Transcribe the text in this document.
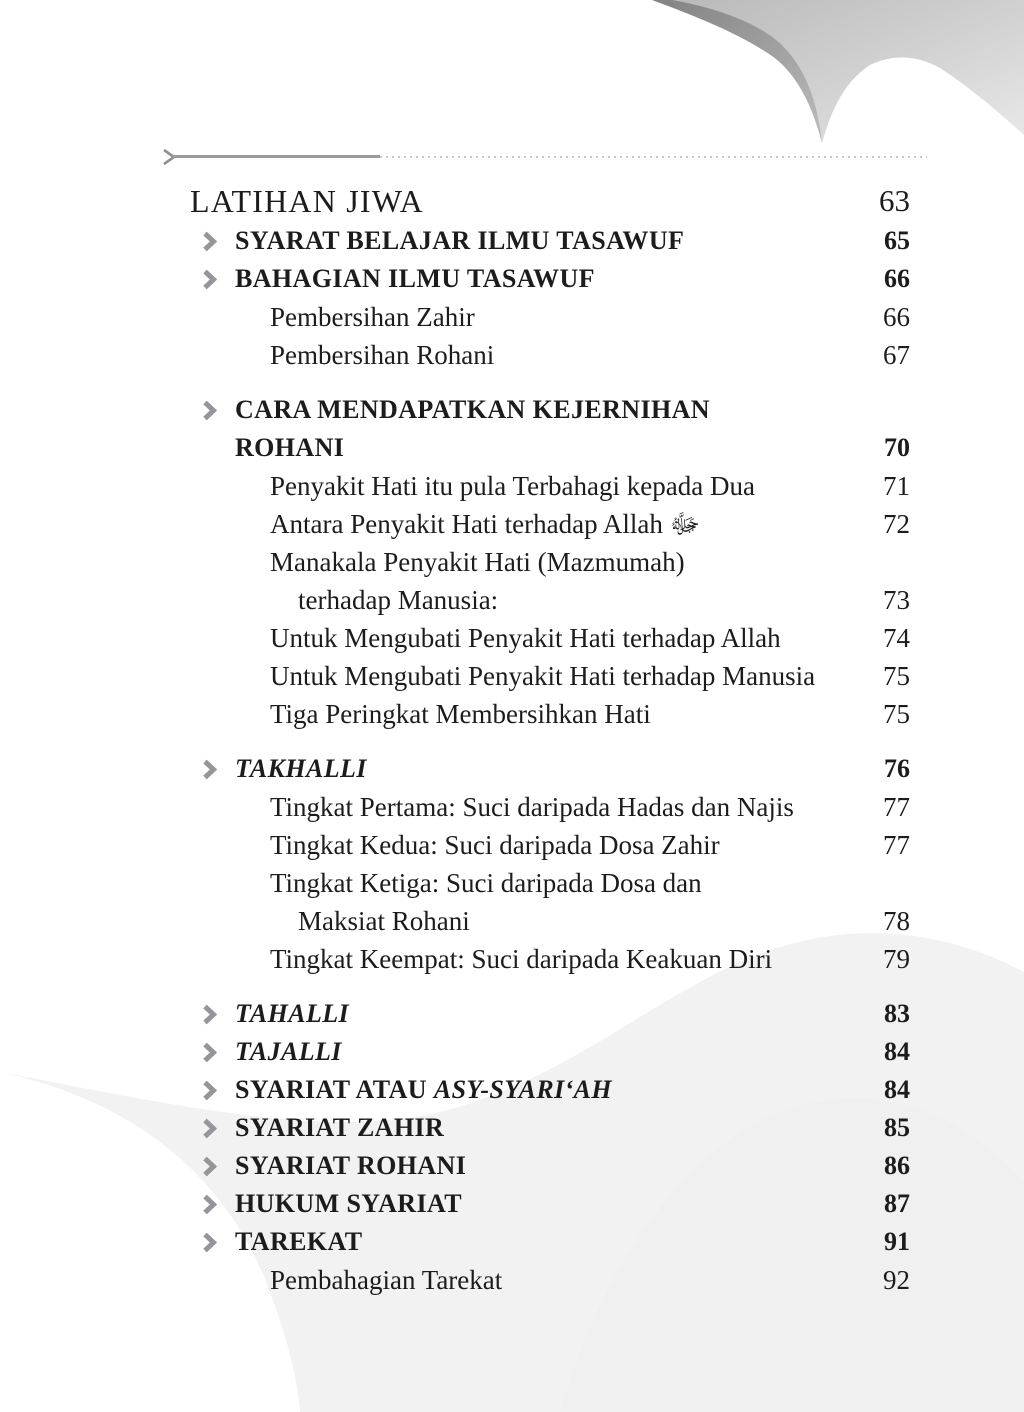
LATIHAN JIWA	63
SYARAT BELAJAR ILMU TASAWUF	65
BAHAGIAN ILMU TASAWUF	66
Pembersihan Zahir	66
Pembersihan Rohani	67
CARA MENDAPATKAN KEJERNIHAN
ROHANI	70
Penyakit Hati itu pula Terbahagi kepada Dua	71
Antara Penyakit Hati terhadap Allah ﷻ	72
Manakala Penyakit Hati (Mazmumah)
terhadap Manusia:	73
Untuk Mengubati Penyakit Hati terhadap Allah	74
Untuk Mengubati Penyakit Hati terhadap Manusia	75
Tiga Peringkat Membersihkan Hati	75
TAKHALLI	76
Tingkat Pertama: Suci daripada Hadas dan Najis	77
Tingkat Kedua: Suci daripada Dosa Zahir	77
Tingkat Ketiga: Suci daripada Dosa dan
Maksiat Rohani	78
Tingkat Keempat: Suci daripada Keakuan Diri	79
TAHALLI	83
TAJALLI	84
SYARIAT ATAU ASY-SYARI‘AH	84
SYARIAT ZAHIR	85
SYARIAT ROHANI	86
HUKUM SYARIAT	87
TAREKAT	91
Pembahagian Tarekat	92
